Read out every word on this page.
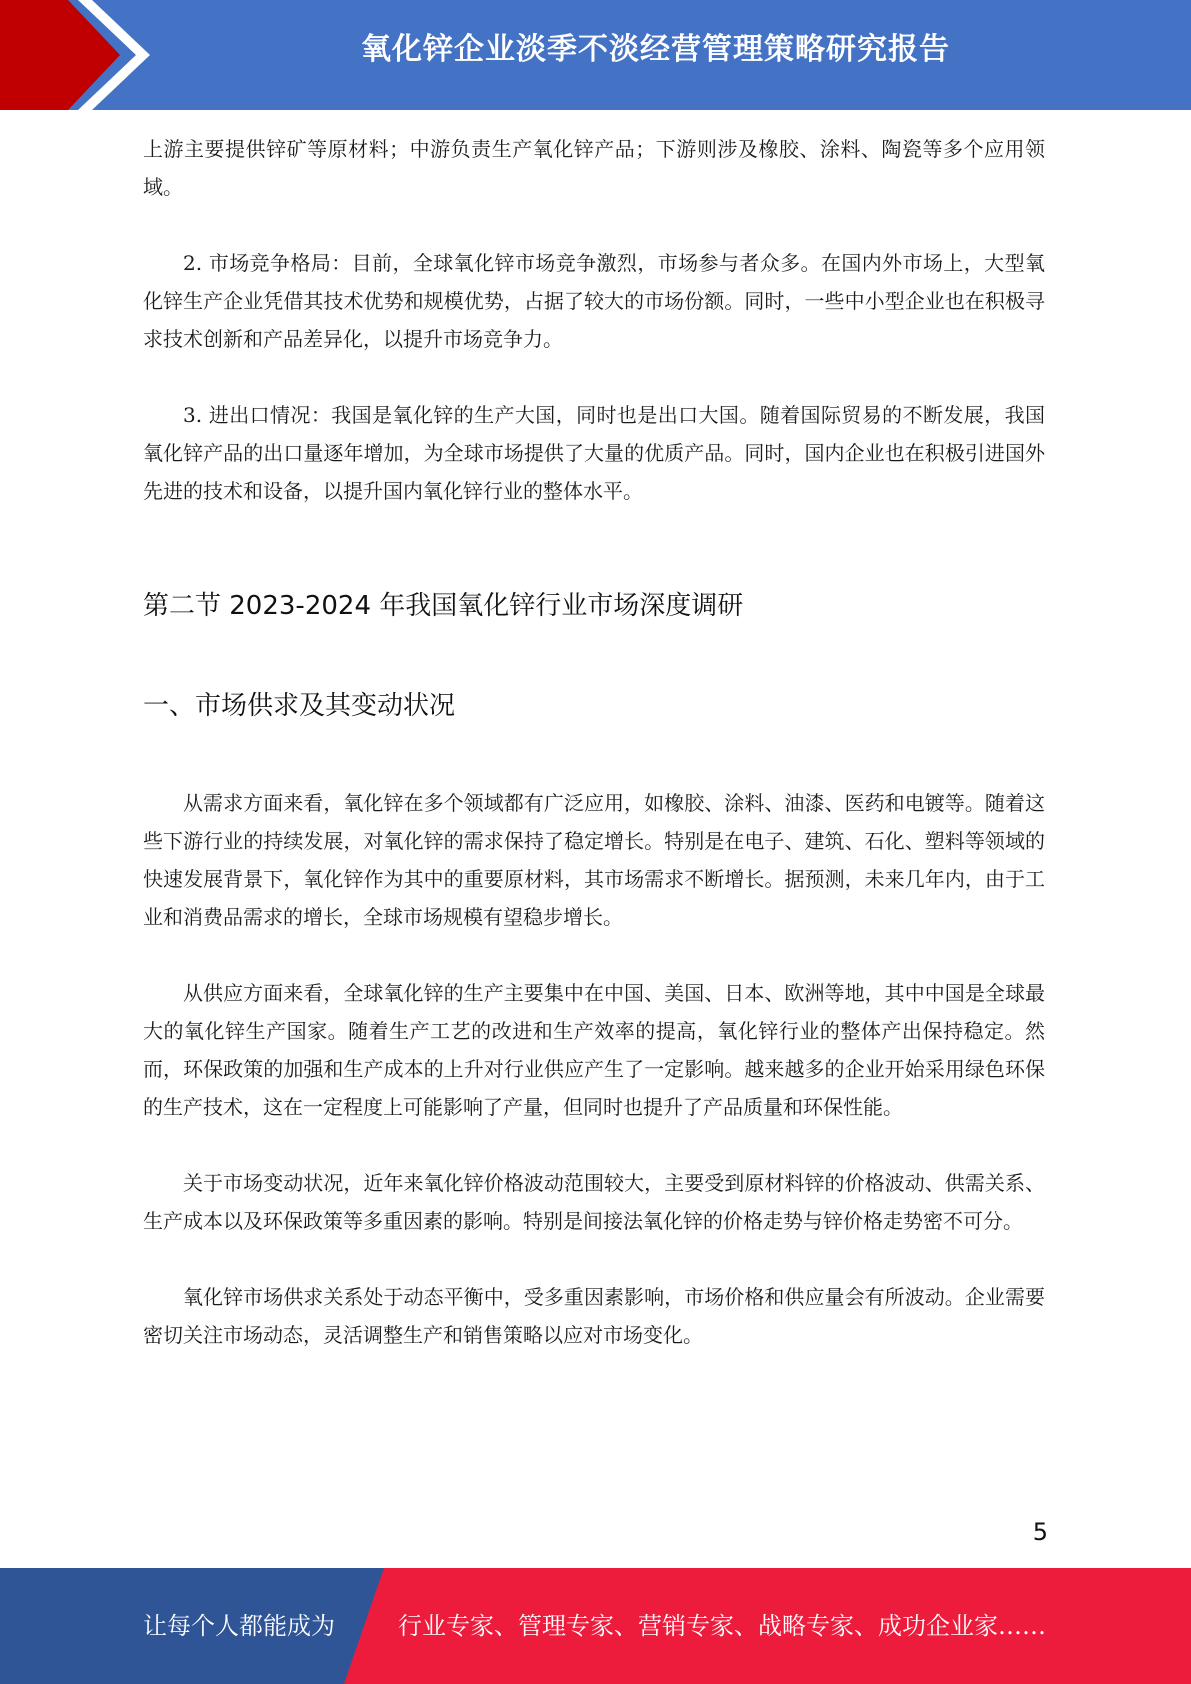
氧化锌企业淡季不淡经营管理策略研究报告

上游主要提供锌矿等原材料；中游负责生产氧化锌产品；下游则涉及橡胶、涂料、陶瓷等多个应用领域。

2. 市场竞争格局：目前，全球氧化锌市场竞争激烈，市场参与者众多。在国内外市场上，大型氧化锌生产企业凭借其技术优势和规模优势，占据了较大的市场份额。同时，一些中小型企业也在积极寻求技术创新和产品差异化，以提升市场竞争力。

3. 进出口情况：我国是氧化锌的生产大国，同时也是出口大国。随着国际贸易的不断发展，我国氧化锌产品的出口量逐年增加，为全球市场提供了大量的优质产品。同时，国内企业也在积极引进国外先进的技术和设备，以提升国内氧化锌行业的整体水平。

第二节 2023-2024 年我国氧化锌行业市场深度调研
一、市场供求及其变动状况

从需求方面来看，氧化锌在多个领域都有广泛应用，如橡胶、涂料、油漆、医药和电镀等。随着这些下游行业的持续发展，对氧化锌的需求保持了稳定增长。特别是在电子、建筑、石化、塑料等领域的快速发展背景下，氧化锌作为其中的重要原材料，其市场需求不断增长。据预测，未来几年内，由于工业和消费品需求的增长，全球市场规模有望稳步增长。

从供应方面来看，全球氧化锌的生产主要集中在中国、美国、日本、欧洲等地，其中中国是全球最大的氧化锌生产国家。随着生产工艺的改进和生产效率的提高，氧化锌行业的整体产出保持稳定。然而，环保政策的加强和生产成本的上升对行业供应产生了一定影响。越来越多的企业开始采用绿色环保的生产技术，这在一定程度上可能影响了产量，但同时也提升了产品质量和环保性能。

关于市场变动状况，近年来氧化锌价格波动范围较大，主要受到原材料锌的价格波动、供需关系、生产成本以及环保政策等多重因素的影响。特别是间接法氧化锌的价格走势与锌价格走势密不可分。

氧化锌市场供求关系处于动态平衡中，受多重因素影响，市场价格和供应量会有所波动。企业需要密切关注市场动态，灵活调整生产和销售策略以应对市场变化。

5
让每个人都能成为	行业专家、管理专家、营销专家、战略专家、成功企业家……
